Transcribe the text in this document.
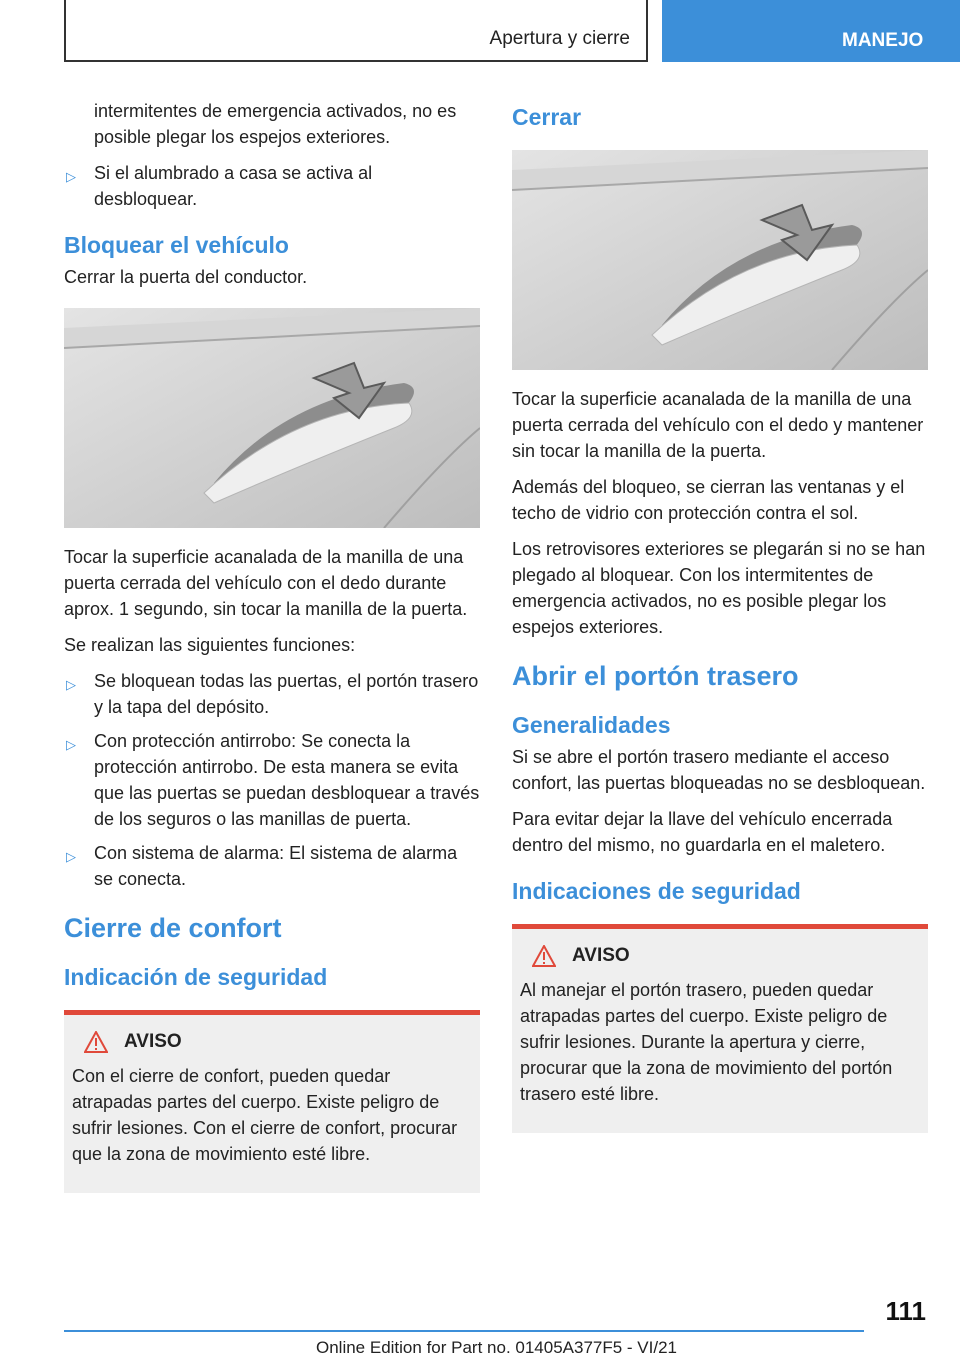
Apertura y cierre	MANEJO

intermitentes de emergencia activados, no es posible plegar los espejos exteriores.

▷ Si el alumbrado a casa se activa al desbloquear.
Bloquear el vehículo

Cerrar la puerta del conductor.

Tocar la superficie acanalada de la manilla de una puerta cerrada del vehículo con el dedo durante aprox. 1 segundo, sin tocar la manilla de la puerta.

Se realizan las siguientes funciones:

▷ Se bloquean todas las puertas, el portón trasero y la tapa del depósito.
▷ Con protección antirrobo: Se conecta la protección antirrobo. De esta manera se evita que las puertas se puedan desbloquear a través de los seguros o las manillas de puerta.
▷ Con sistema de alarma: El sistema de alarma se conecta.
Cierre de confort
Indicación de seguridad
AVISO

Con el cierre de confort, pueden quedar atrapadas partes del cuerpo. Existe peligro de sufrir lesiones. Con el cierre de confort, procurar que la zona de movimiento esté libre.

Cerrar

Tocar la superficie acanalada de la manilla de una puerta cerrada del vehículo con el dedo y mantener sin tocar la manilla de la puerta.

Además del bloqueo, se cierran las ventanas y el techo de vidrio con protección contra el sol.

Los retrovisores exteriores se plegarán si no se han plegado al bloquear. Con los intermitentes de emergencia activados, no es posible plegar los espejos exteriores.

Abrir el portón trasero
Generalidades

Si se abre el portón trasero mediante el acceso confort, las puertas bloqueadas no se desbloquean.

Para evitar dejar la llave del vehículo encerrada dentro del mismo, no guardarla en el maletero.

Indicaciones de seguridad
AVISO

Al manejar el portón trasero, pueden quedar atrapadas partes del cuerpo. Existe peligro de sufrir lesiones. Durante la apertura y cierre, procurar que la zona de movimiento del portón trasero esté libre.

111
Online Edition for Part no. 01405A377F5 - VI/21
